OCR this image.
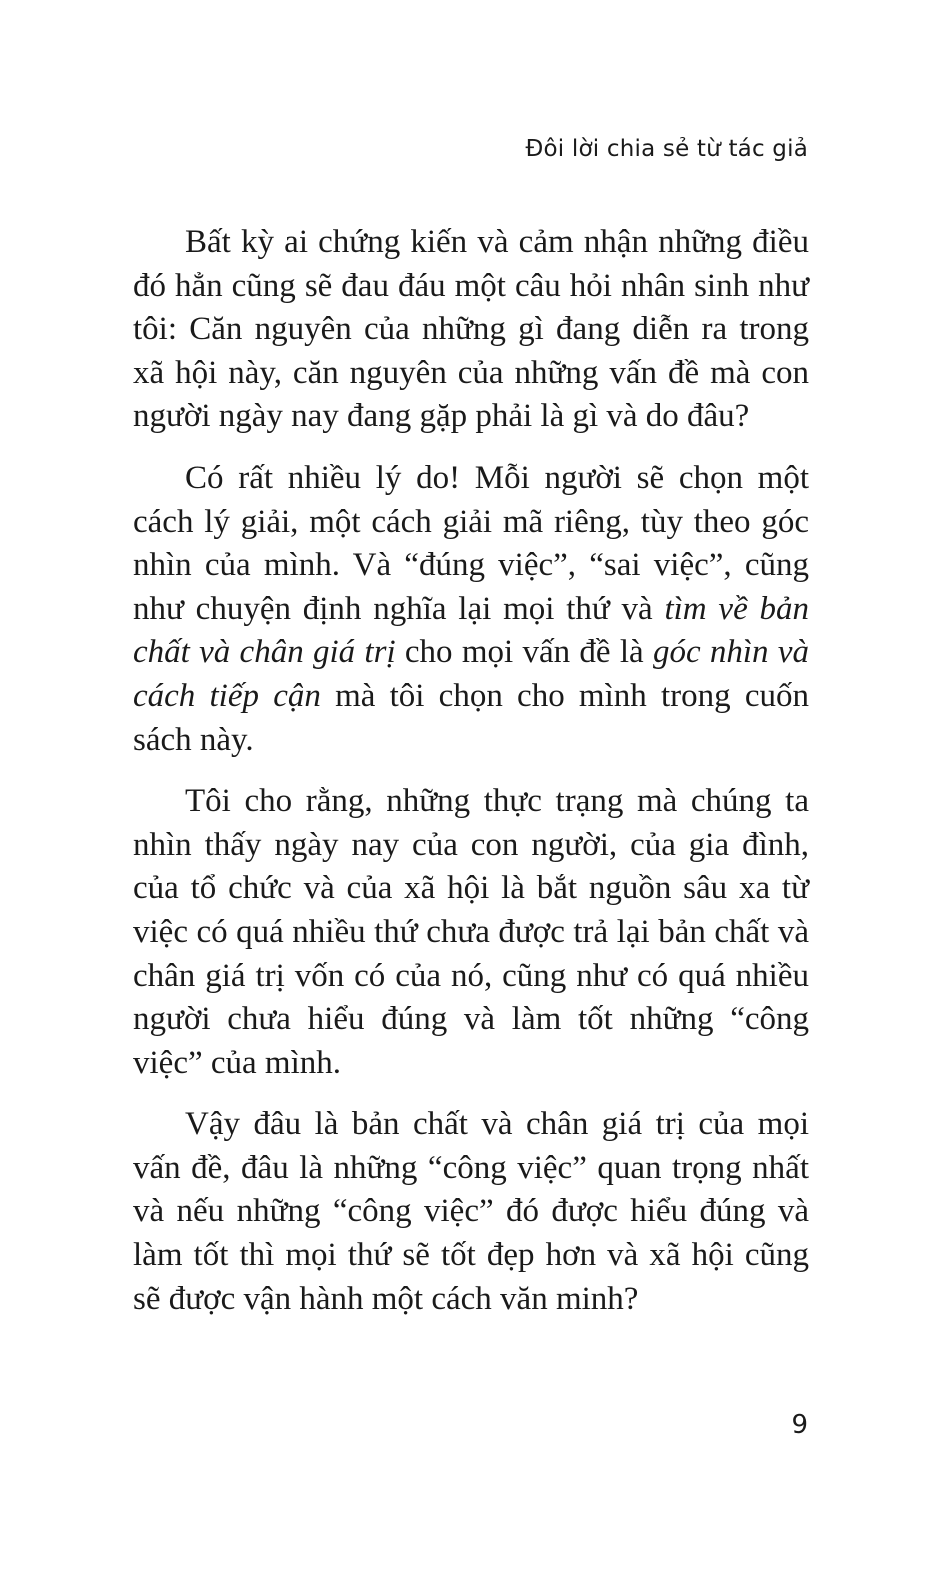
Đôi lời chia sẻ từ tác giả

Bất kỳ ai chứng kiến và cảm nhận những điều đó hẳn cũng sẽ đau đáu một câu hỏi nhân sinh như tôi: Căn nguyên của những gì đang diễn ra trong xã hội này, căn nguyên của những vấn đề mà con người ngày nay đang gặp phải là gì và do đâu?

Có rất nhiều lý do! Mỗi người sẽ chọn một cách lý giải, một cách giải mã riêng, tùy theo góc nhìn của mình. Và “đúng việc”, “sai việc”, cũng như chuyện định nghĩa lại mọi thứ và tìm về bản chất và chân giá trị cho mọi vấn đề là góc nhìn và cách tiếp cận mà tôi chọn cho mình trong cuốn sách này.

Tôi cho rằng, những thực trạng mà chúng ta nhìn thấy ngày nay của con người, của gia đình, của tổ chức và của xã hội là bắt nguồn sâu xa từ việc có quá nhiều thứ chưa được trả lại bản chất và chân giá trị vốn có của nó, cũng như có quá nhiều người chưa hiểu đúng và làm tốt những “công việc” của mình.

Vậy đâu là bản chất và chân giá trị của mọi vấn đề, đâu là những “công việc” quan trọng nhất và nếu những “công việc” đó được hiểu đúng và làm tốt thì mọi thứ sẽ tốt đẹp hơn và xã hội cũng sẽ được vận hành một cách văn minh?

9
